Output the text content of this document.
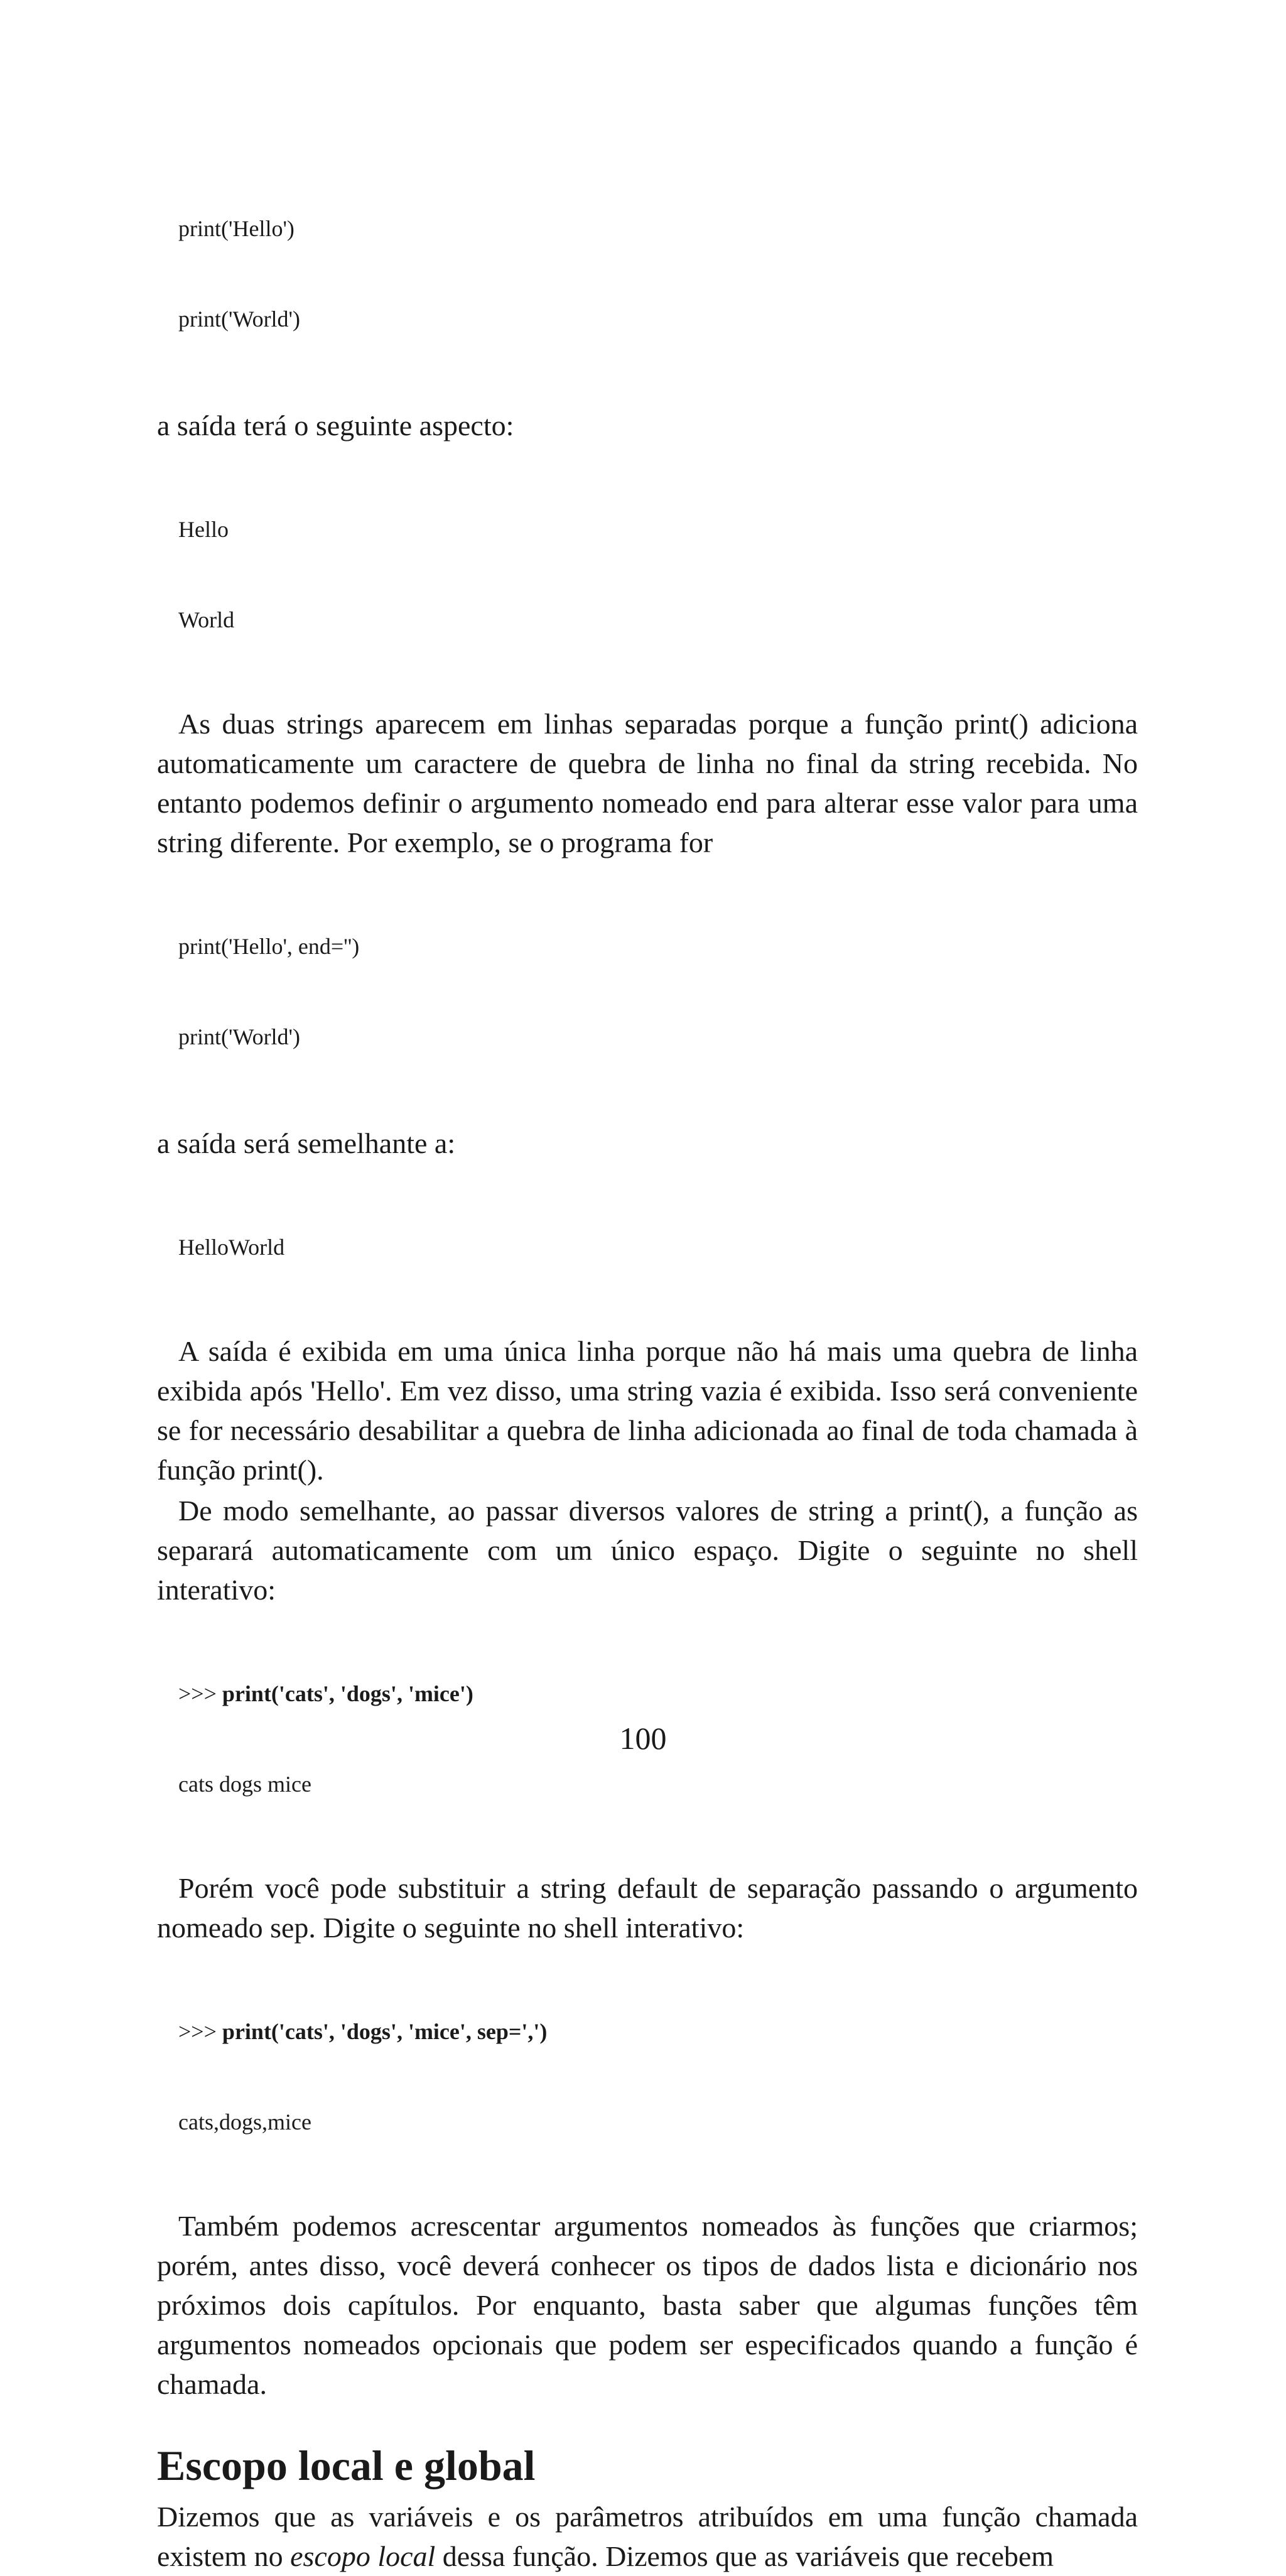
print('Hello')

print('World')

a saída terá o seguinte aspecto:

Hello

World

As duas strings aparecem em linhas separadas porque a função print() adiciona automaticamente um caractere de quebra de linha no final da string recebida. No entanto podemos definir o argumento nomeado end para alterar esse valor para uma string diferente. Por exemplo, se o programa for

print('Hello', end='')

print('World')

a saída será semelhante a:

HelloWorld

A saída é exibida em uma única linha porque não há mais uma quebra de linha exibida após 'Hello'. Em vez disso, uma string vazia é exibida. Isso será conveniente se for necessário desabilitar a quebra de linha adicionada ao final de toda chamada à função print().

De modo semelhante, ao passar diversos valores de string a print(), a função as separará automaticamente com um único espaço. Digite o seguinte no shell interativo:

>>> print('cats', 'dogs', 'mice')

cats dogs mice

Porém você pode substituir a string default de separação passando o argumento nomeado sep. Digite o seguinte no shell interativo:

>>> print('cats', 'dogs', 'mice', sep=',')

cats,dogs,mice

Também podemos acrescentar argumentos nomeados às funções que criarmos; porém, antes disso, você deverá conhecer os tipos de dados lista e dicionário nos próximos dois capítulos. Por enquanto, basta saber que algumas funções têm argumentos nomeados opcionais que podem ser especificados quando a função é chamada.

Escopo local e global

Dizemos que as variáveis e os parâmetros atribuídos em uma função chamada existem no escopo local dessa função. Dizemos que as variáveis que recebem

100
